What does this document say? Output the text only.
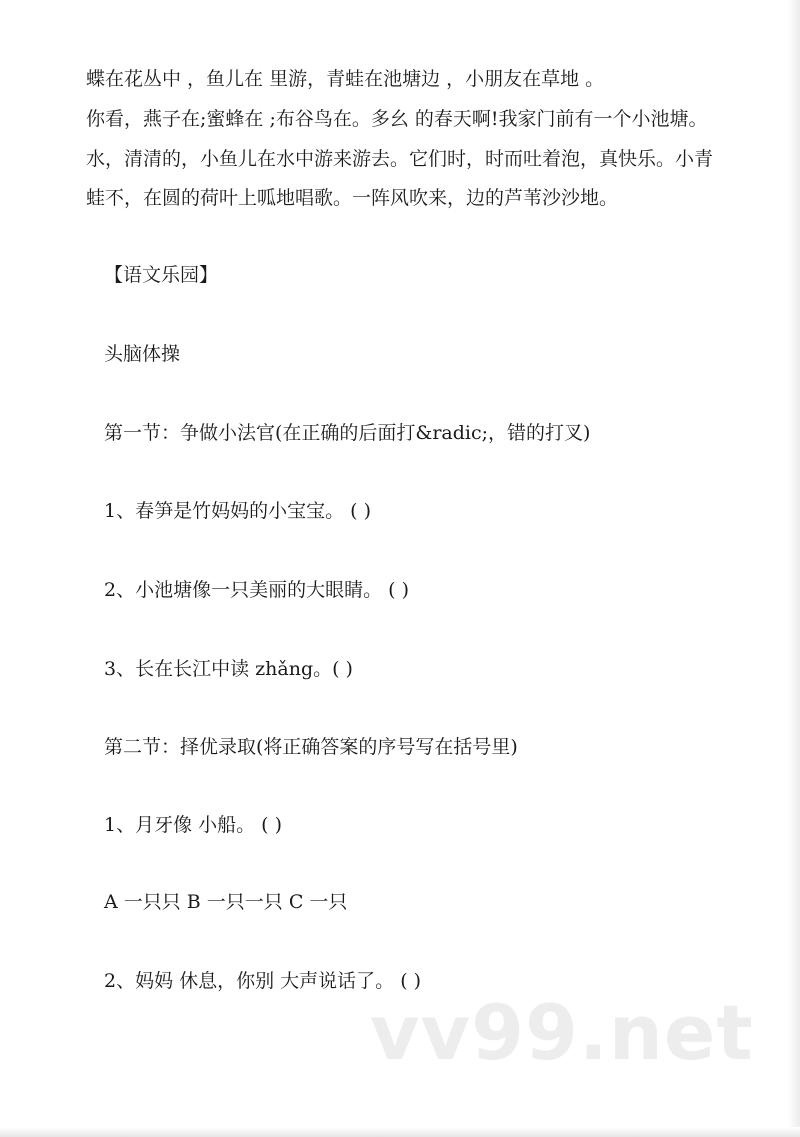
蝶在花丛中 ，鱼儿在 里游，青蛙在池塘边 ，小朋友在草地 。
你看，燕子在;蜜蜂在 ;布谷鸟在。多幺 的春天啊!我家门前有一个小池塘。
水，清清的，小鱼儿在水中游来游去。它们时，时而吐着泡，真快乐。小青
蛙不，在圆的荷叶上呱地唱歌。一阵风吹来，边的芦苇沙沙地。
【语文乐园】
头脑体操
第一节：争做小法官(在正确的后面打&radic;，错的打叉)
1、春笋是竹妈妈的小宝宝。 ( )
2、小池塘像一只美丽的大眼睛。 ( )
3、长在长江中读 zhǎng。( )
第二节：择优录取(将正确答案的序号写在括号里)
1、月牙像 小船。 ( )
A 一只只 B 一只一只 C 一只
2、妈妈 休息，你别 大声说话了。 ( )
vv99.net
